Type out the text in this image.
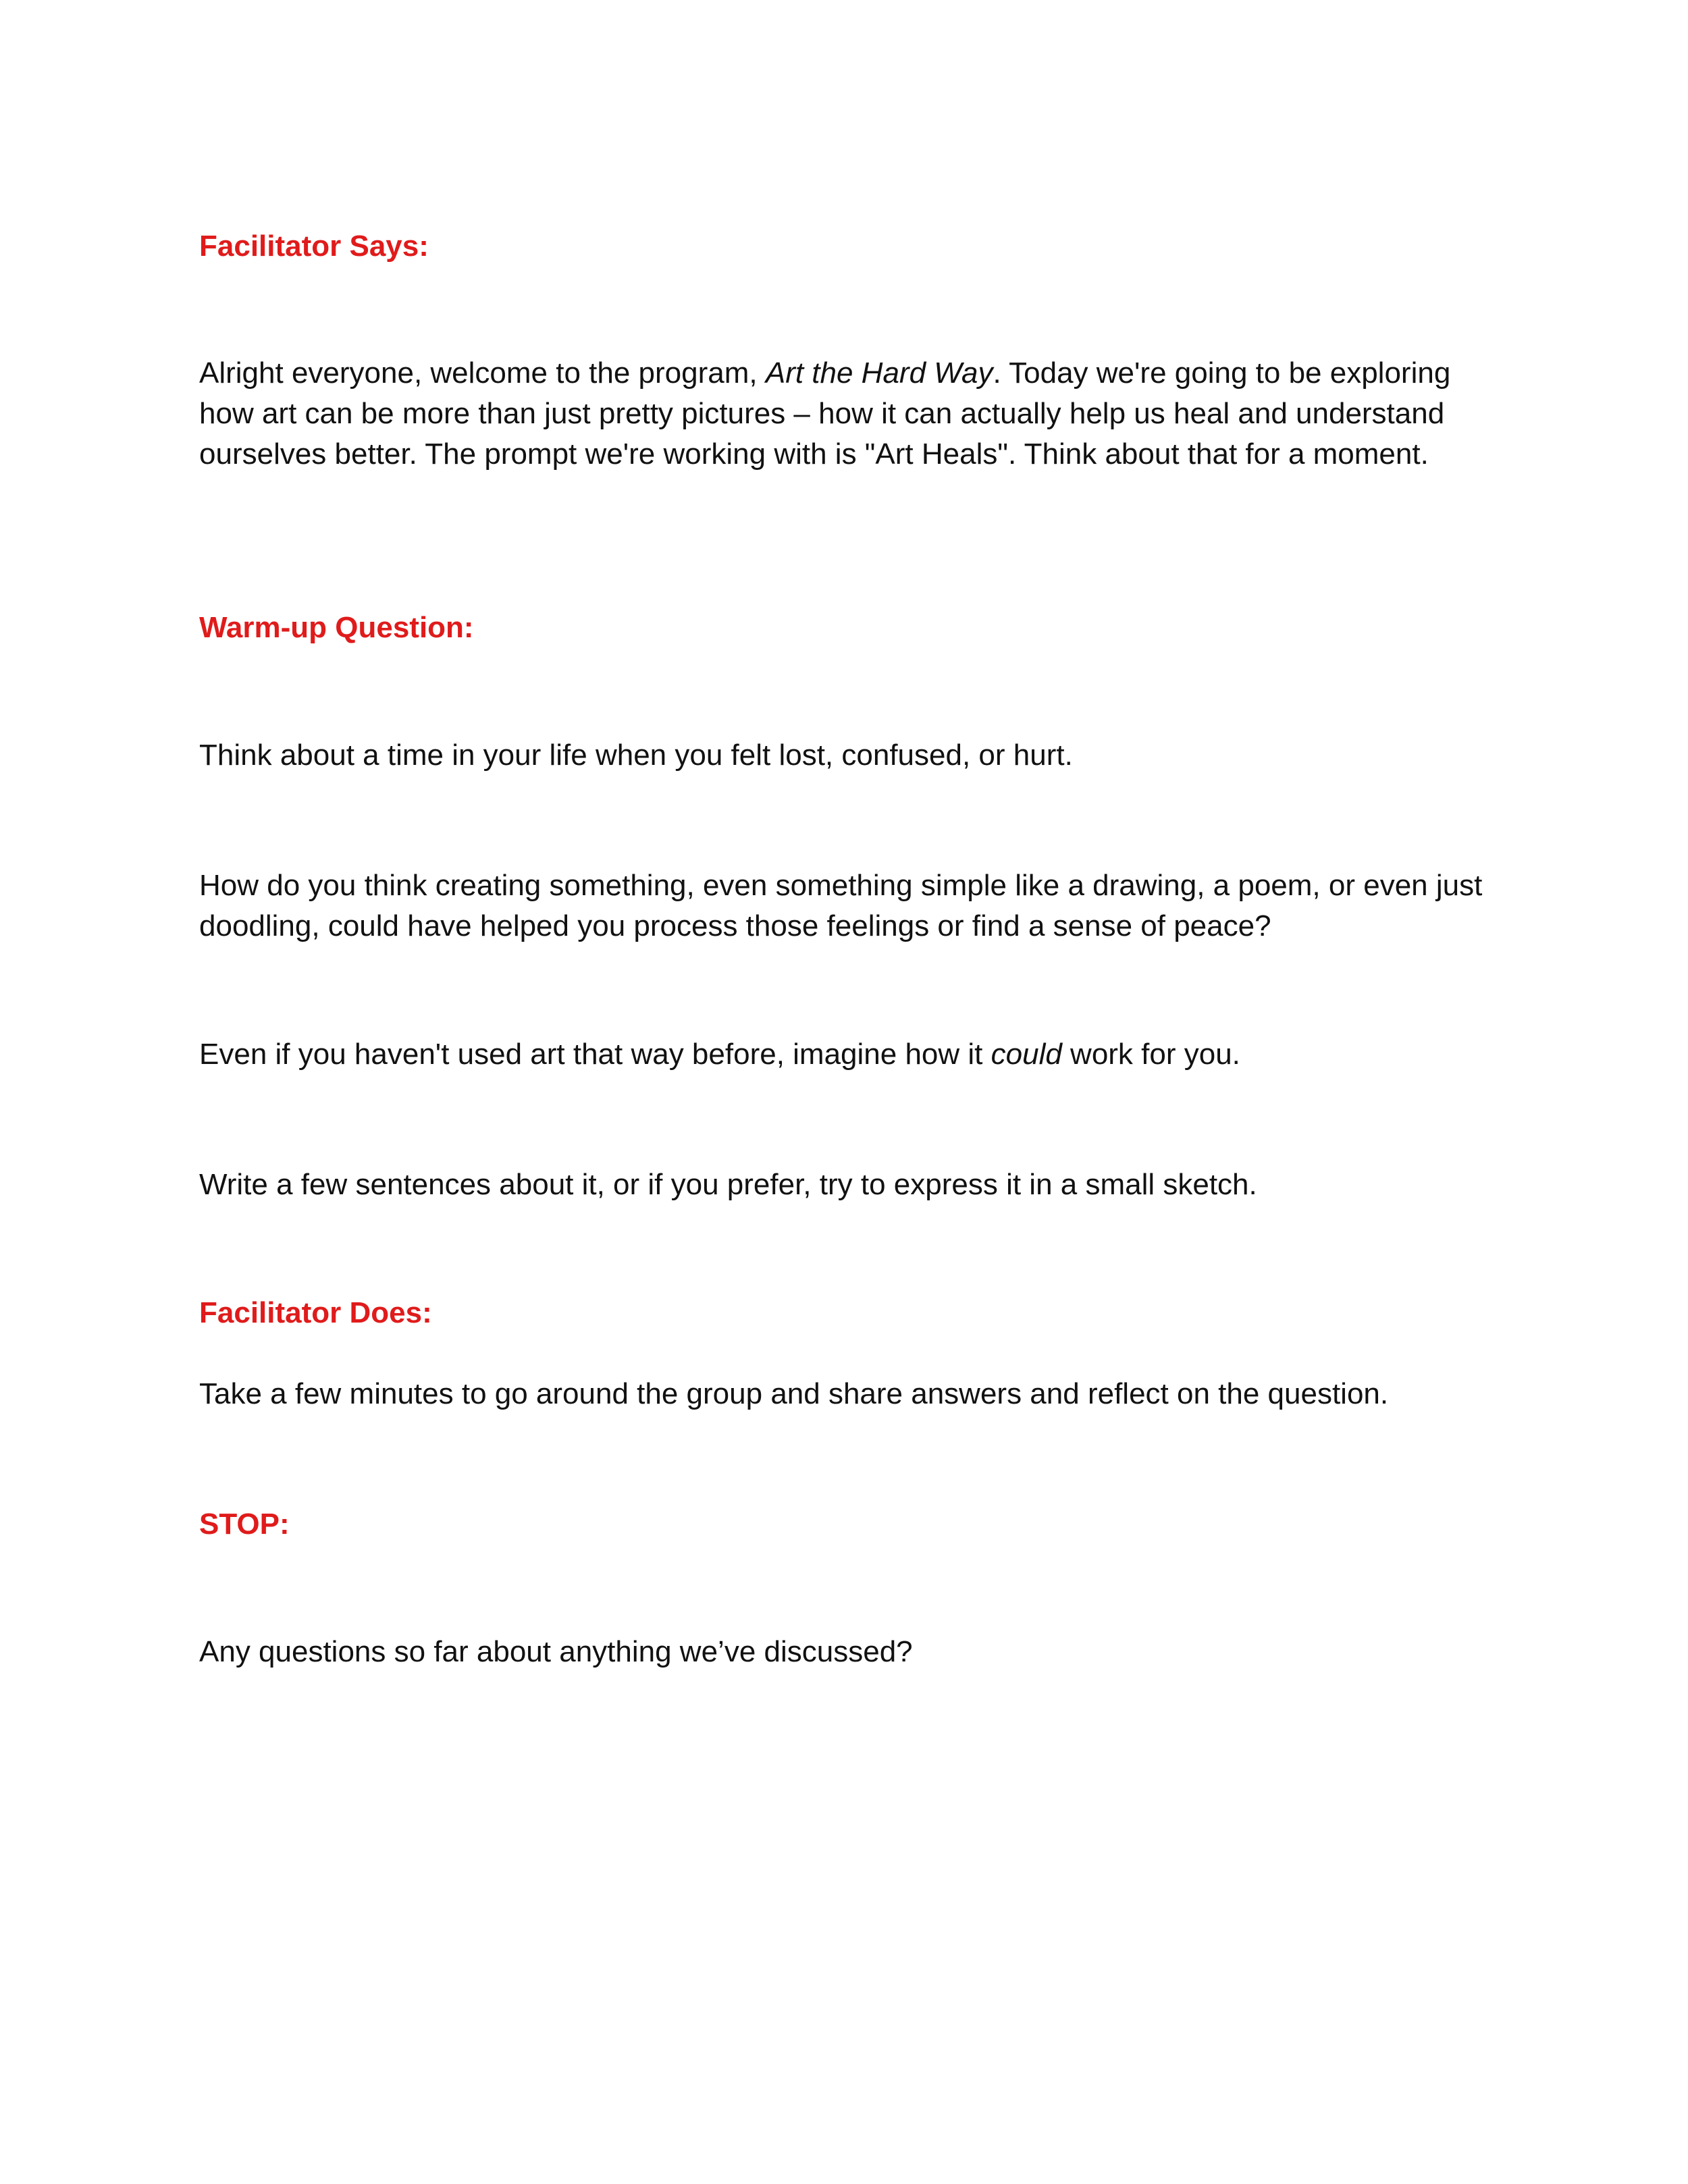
Facilitator Says:

Alright everyone, welcome to the program, Art the Hard Way. Today we're going to be exploring how art can be more than just pretty pictures – how it can actually help us heal and understand ourselves better. The prompt we're working with is "Art Heals". Think about that for a moment.

Warm-up Question:

Think about a time in your life when you felt lost, confused, or hurt.

How do you think creating something, even something simple like a drawing, a poem, or even just doodling, could have helped you process those feelings or find a sense of peace?

Even if you haven't used art that way before, imagine how it could work for you.

Write a few sentences about it, or if you prefer, try to express it in a small sketch.

Facilitator Does:

Take a few minutes to go around the group and share answers and reflect on the question.

STOP:

Any questions so far about anything we’ve discussed?
